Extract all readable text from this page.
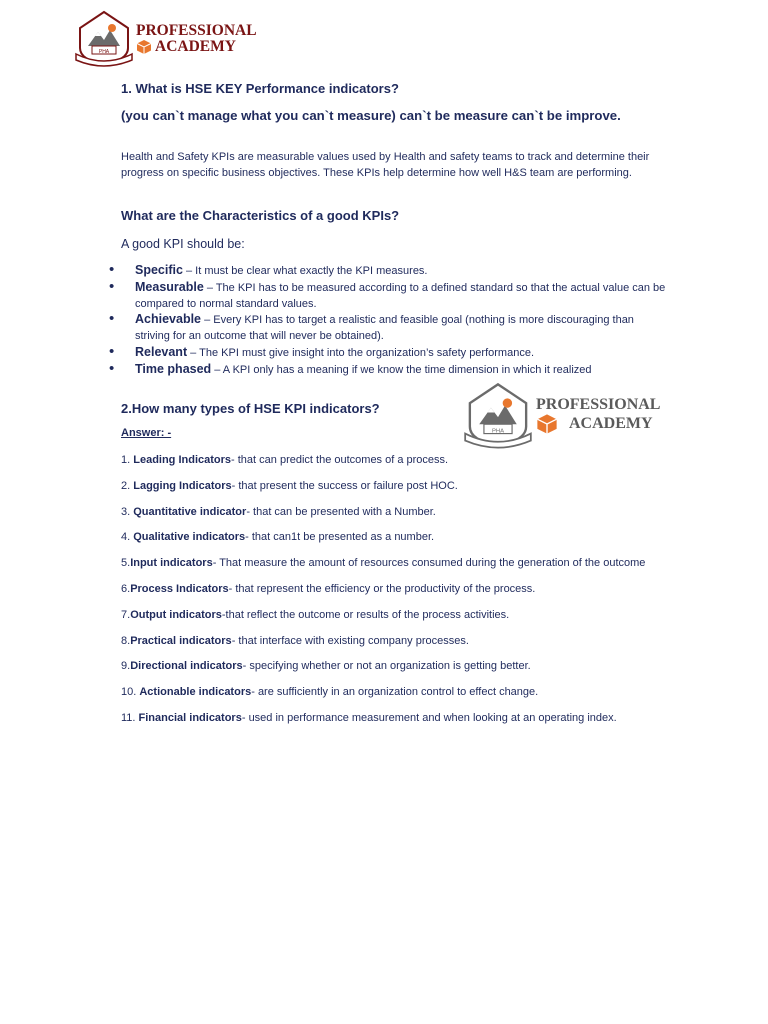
PHA
PROFESSIONAL
ACADEMY

1. What is HSE KEY Performance indicators?

(you can`t manage what you can`t measure) can`t be measure can`t be improve.

Health and Safety KPIs are measurable values used by Health and safety teams to track and determine their progress on specific business objectives. These KPIs help determine how well H&S team are performing.

What are the Characteristics of a good KPIs?

A good KPI should be:

• Specific – It must be clear what exactly the KPI measures.
• Measurable – The KPI has to be measured according to a defined standard so that the actual value can be compared to normal standard values.
• Achievable – Every KPI has to target a realistic and feasible goal (nothing is more discouraging than striving for an outcome that will never be obtained).
• Relevant – The KPI must give insight into the organization’s safety performance.
• Time phased – A KPI only has a meaning if we know the time dimension in which it realized

2.How many types of HSE KPI indicators?

Answer: -

1. Leading Indicators- that can predict the outcomes of a process.
2. Lagging Indicators- that present the success or failure post HOC.
3. Quantitative indicator- that can be presented with a Number.
4. Qualitative indicators- that can1t be presented as a number.
5.Input indicators- That measure the amount of resources consumed during the generation of the outcome
6.Process Indicators- that represent the efficiency or the productivity of the process.
7.Output indicators-that reflect the outcome or results of the process activities.
8.Practical indicators- that interface with existing company processes.
9.Directional indicators- specifying whether or not an organization is getting better.
10. Actionable indicators- are sufficiently in an organization control to effect change.
11. Financial indicators- used in performance measurement and when looking at an operating index.
PHA
PROFESSIONAL
ACADEMY
